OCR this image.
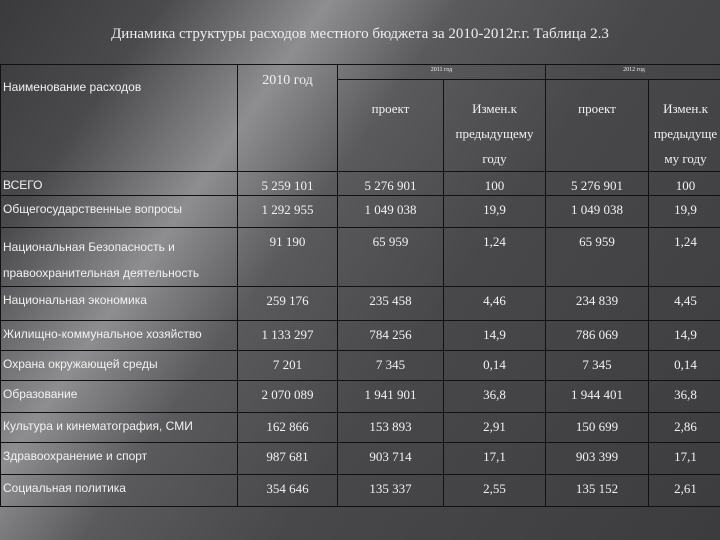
Динамика структуры расходов местного бюджета за 2010-2012г.г. Таблица 2.3
Наименование расходов	2010 год	2011 год		2012 год	
		проект	Измен.к предыдущему году	проект	Измен.к предыдуще му году
ВСЕГО	5 259 101	5 276 901	100	5 276 901	100
Общегосударственные вопросы	1 292 955	1 049 038	19,9	1 049 038	19,9
Национальная Безопасность и правоохранительная деятельность	91 190	65 959	1,24	65 959	1,24
Национальная экономика	259 176	235 458	4,46	234 839	4,45
Жилищно-коммунальное хозяйство	1 133 297	784 256	14,9	786 069	14,9
Охрана окружающей среды	7 201	7 345	0,14	7 345	0,14
Образование	2 070 089	1 941 901	36,8	1 944 401	36,8
Культура и кинематография, СМИ	162 866	153 893	2,91	150 699	2,86
Здравоохранение и спорт	987 681	903 714	17,1	903 399	17,1
Социальная политика	354 646	135 337	2,55	135 152	2,61
